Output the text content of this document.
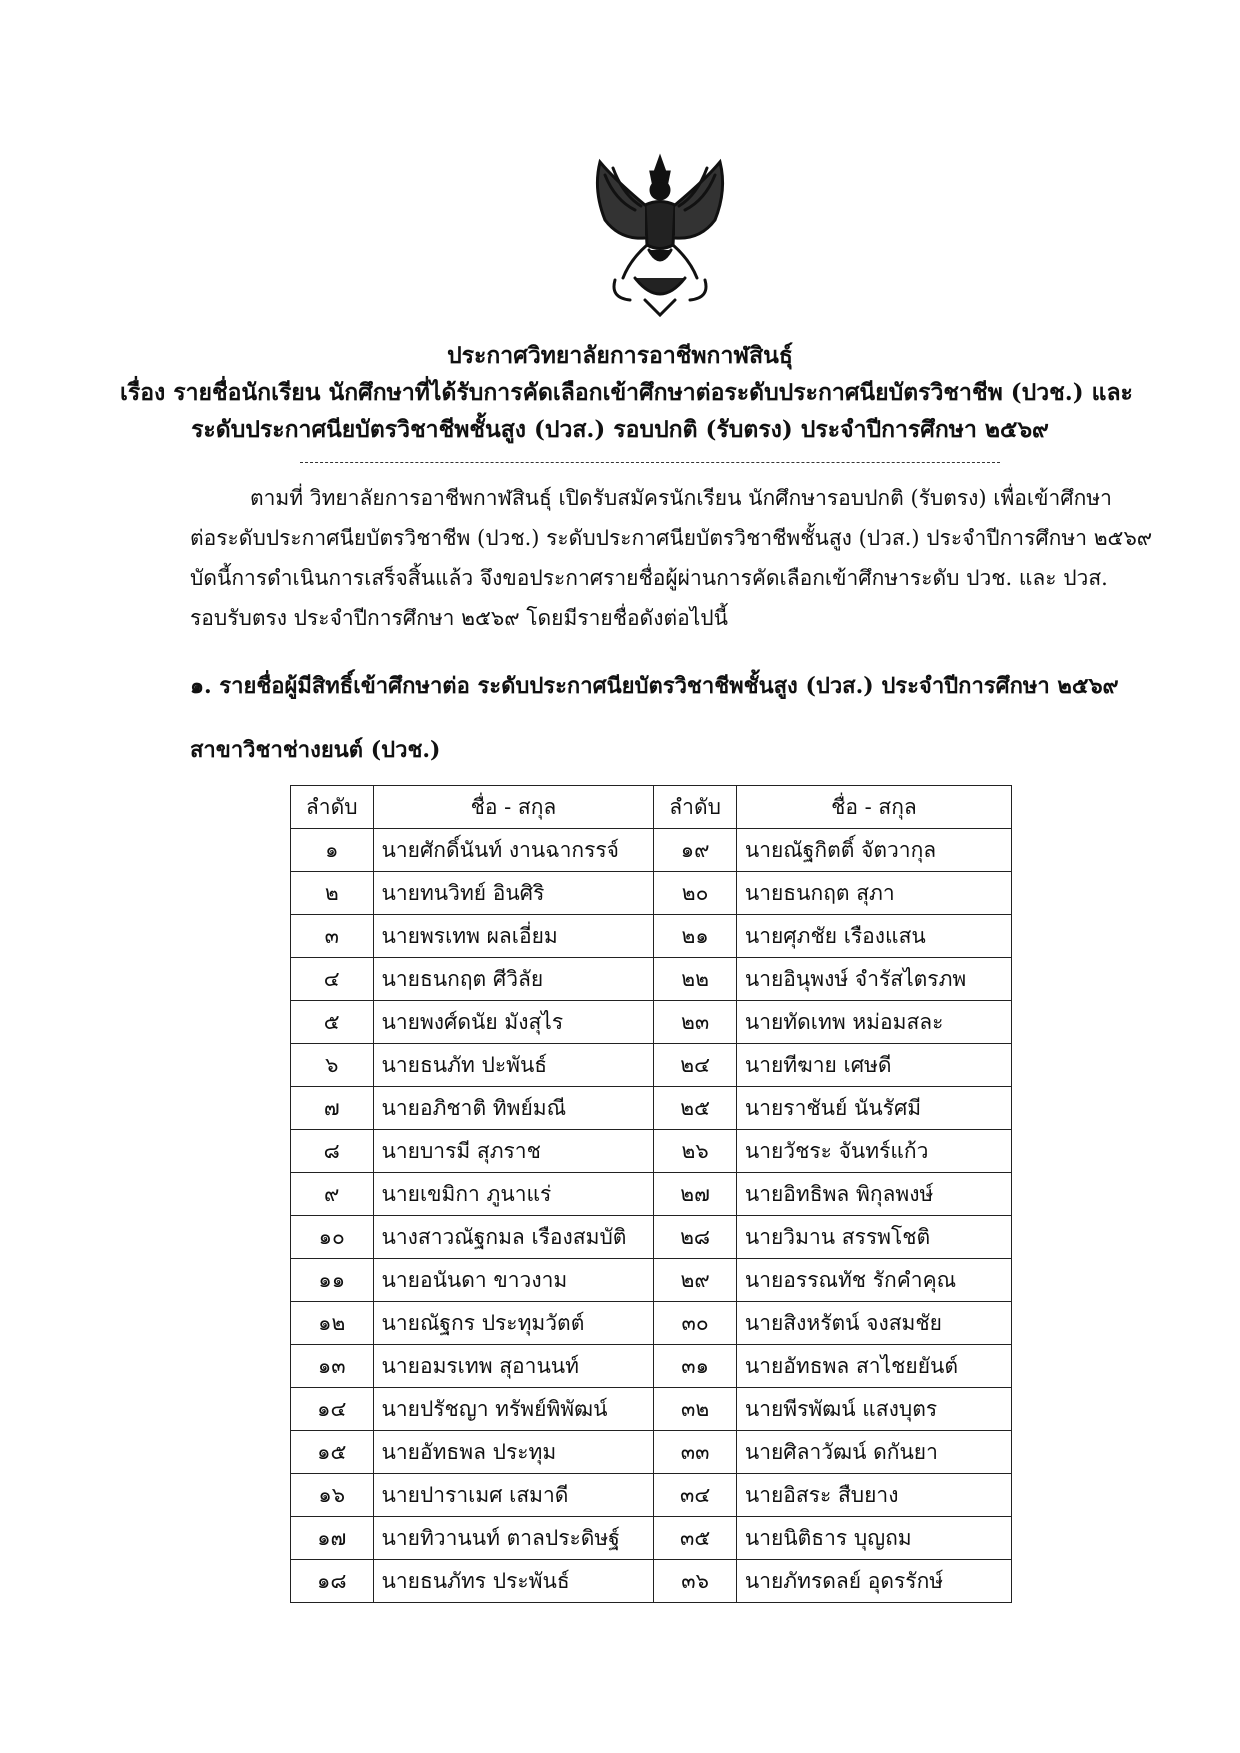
ประกาศวิทยาลัยการอาชีพกาฬสินธุ์
เรื่อง รายชื่อนักเรียน นักศึกษาที่ได้รับการคัดเลือกเข้าศึกษาต่อระดับประกาศนียบัตรวิชาชีพ (ปวช.) และ
ระดับประกาศนียบัตรวิชาชีพชั้นสูง (ปวส.) รอบปกติ (รับตรง) ประจำปีการศึกษา ๒๕๖๙
ตามที่ วิทยาลัยการอาชีพกาฬสินธุ์ เปิดรับสมัครนักเรียน นักศึกษารอบปกติ (รับตรง) เพื่อเข้าศึกษา
ต่อระดับประกาศนียบัตรวิชาชีพ (ปวช.) ระดับประกาศนียบัตรวิชาชีพชั้นสูง (ปวส.) ประจำปีการศึกษา ๒๕๖๙
บัดนี้การดำเนินการเสร็จสิ้นแล้ว จึงขอประกาศรายชื่อผู้ผ่านการคัดเลือกเข้าศึกษาระดับ ปวช. และ ปวส.
รอบรับตรง ประจำปีการศึกษา ๒๕๖๙ โดยมีรายชื่อดังต่อไปนี้
๑. รายชื่อผู้มีสิทธิ์เข้าศึกษาต่อ ระดับประกาศนียบัตรวิชาชีพชั้นสูง (ปวส.) ประจำปีการศึกษา ๒๕๖๙
สาขาวิชาช่างยนต์ (ปวช.)
ลำดับ	ชื่อ - สกุล	ลำดับ	ชื่อ - สกุล
๑	นายศักดิ์นันท์ งานฉากรรจ์	๑๙	นายณัฐกิตติ์ จัตวากุล
๒	นายทนวิทย์ อินศิริ	๒๐	นายธนกฤต สุภา
๓	นายพรเทพ ผลเอี่ยม	๒๑	นายศุภชัย เรืองแสน
๔	นายธนกฤต ศีวิลัย	๒๒	นายอินุพงษ์ จำรัสไตรภพ
๕	นายพงศ์ดนัย มังสุไร	๒๓	นายทัดเทพ หม่อมสละ
๖	นายธนภัท ปะพันธ์	๒๔	นายทีฆาย เศษดี
๗	นายอภิชาติ ทิพย์มณี	๒๕	นายราชันย์ นันรัศมี
๘	นายบารมี สุภราช	๒๖	นายวัชระ จันทร์แก้ว
๙	นายเขมิกา ภูนาแร่	๒๗	นายอิทธิพล พิกุลพงษ์
๑๐	นางสาวณัฐกมล เรืองสมบัติ	๒๘	นายวิมาน สรรพโชติ
๑๑	นายอนันดา ขาวงาม	๒๙	นายอรรณทัช รักคำคุณ
๑๒	นายณัฐกร ประทุมวัตต์	๓๐	นายสิงหรัตน์ จงสมชัย
๑๓	นายอมรเทพ สุอานนท์	๓๑	นายอัทธพล สาไชยยันต์
๑๔	นายปรัชญา ทรัพย์พิพัฒน์	๓๒	นายพีรพัฒน์ แสงบุตร
๑๕	นายอัทธพล ประทุม	๓๓	นายศิลาวัฒน์ ดกันยา
๑๖	นายปาราเมศ เสมาดี	๓๔	นายอิสระ สืบยาง
๑๗	นายทิวานนท์ ตาลประดิษฐ์	๓๕	นายนิติธาร บุญถม
๑๘	นายธนภัทร ประพันธ์	๓๖	นายภัทรดลย์ อุดรรักษ์
